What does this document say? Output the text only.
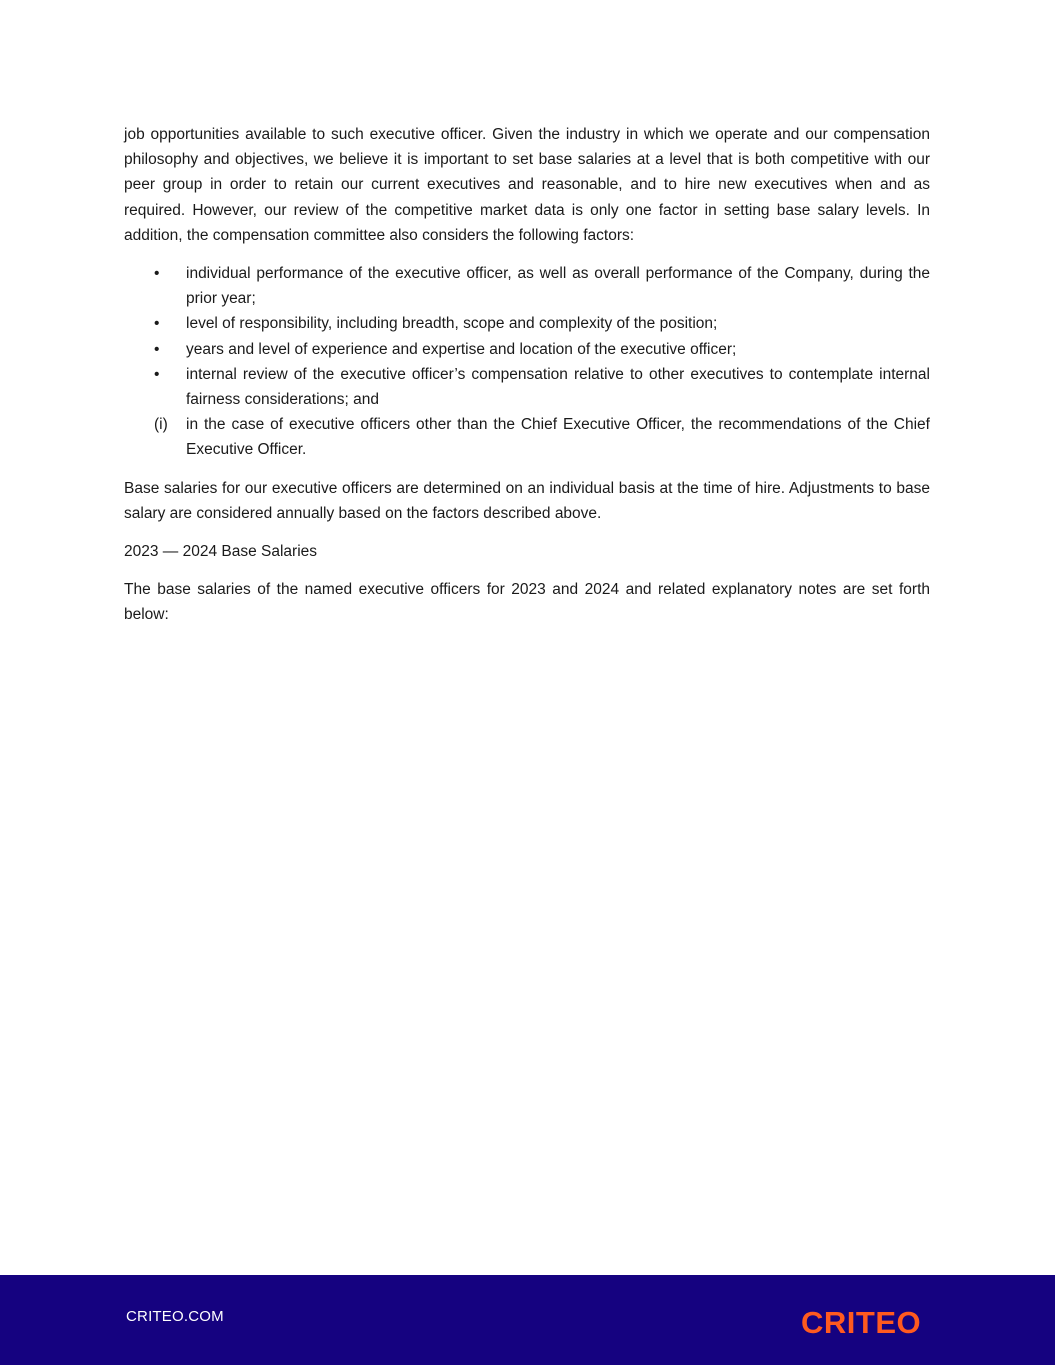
job opportunities available to such executive officer. Given the industry in which we operate and our compensation philosophy and objectives, we believe it is important to set base salaries at a level that is both competitive with our peer group in order to retain our current executives and reasonable, and to hire new executives when and as required. However, our review of the competitive market data is only one factor in setting base salary levels. In addition, the compensation committee also considers the following factors:

• individual performance of the executive officer, as well as overall performance of the Company, during the prior year;
• level of responsibility, including breadth, scope and complexity of the position;
• years and level of experience and expertise and location of the executive officer;
• internal review of the executive officer’s compensation relative to other executives to contemplate internal fairness considerations; and
(i) in the case of executive officers other than the Chief Executive Officer, the recommendations of the Chief Executive Officer.

Base salaries for our executive officers are determined on an individual basis at the time of hire. Adjustments to base salary are considered annually based on the factors described above.

2023 — 2024 Base Salaries

The base salaries of the named executive officers for 2023 and 2024 and related explanatory notes are set forth below:

CRITEO.COM	CRITEO
